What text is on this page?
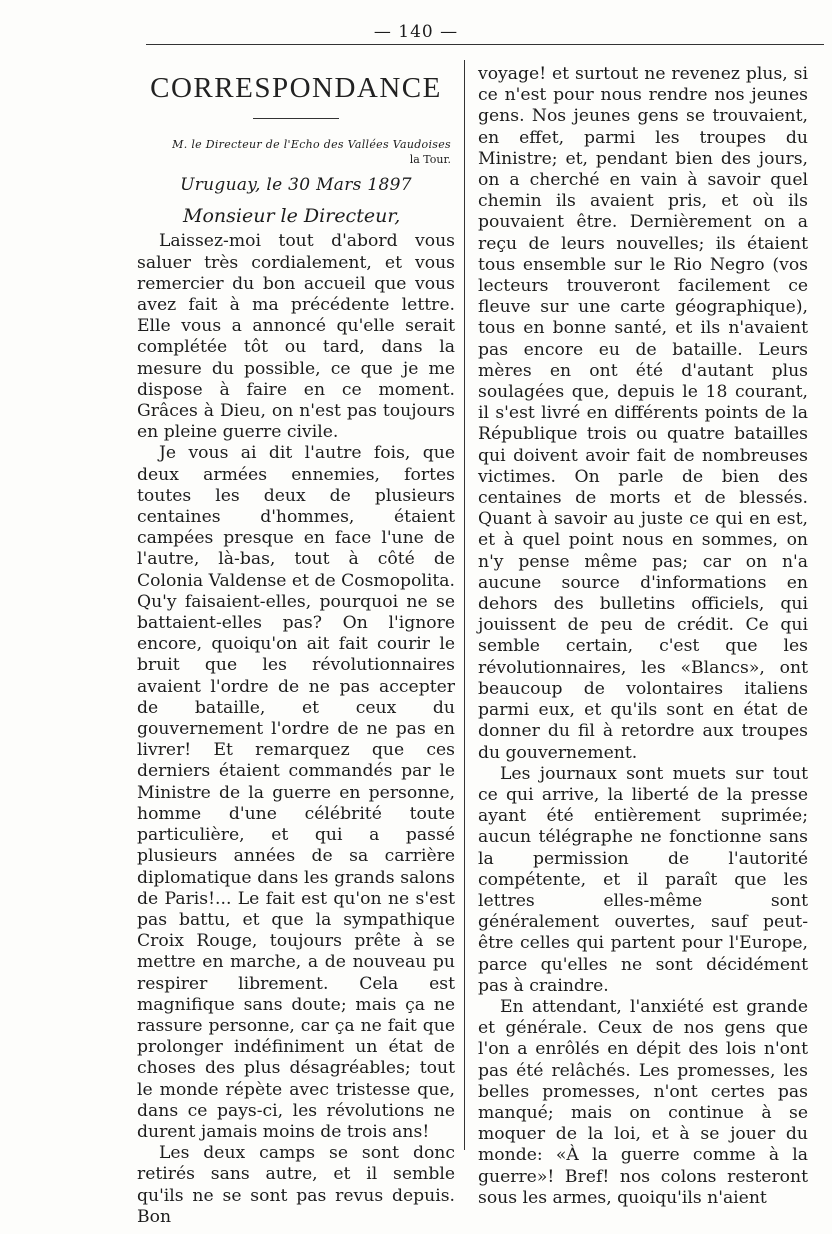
— 140 —
CORRESPONDANCE
M. le Directeur de l'Echo des Vallées Vaudoises
la Tour.
Uruguay, le 30 Mars 1897
Monsieur le Directeur,

Laissez-moi tout d'abord vous saluer très cordialement, et vous remercier du bon accueil que vous avez fait à ma précédente lettre. Elle vous a annoncé qu'elle serait complétée tôt ou tard, dans la mesure du possible, ce que je me dispose à faire en ce moment. Grâces à Dieu, on n'est pas toujours en pleine guerre civile.

Je vous ai dit l'autre fois, que deux armées ennemies, fortes toutes les deux de plusieurs centaines d'hommes, étaient campées presque en face l'une de l'autre, là-bas, tout à côté de Colonia Valdense et de Cosmopolita. Qu'y faisaient-elles, pourquoi ne se battaient-elles pas? On l'ignore encore, quoiqu'on ait fait courir le bruit que les révolutionnaires avaient l'ordre de ne pas accepter de bataille, et ceux du gouvernement l'ordre de ne pas en livrer! Et remarquez que ces derniers étaient commandés par le Ministre de la guerre en personne, homme d'une célébrité toute particulière, et qui a passé plusieurs années de sa carrière diplomatique dans les grands salons de Paris!... Le fait est qu'on ne s'est pas battu, et que la sympathique Croix Rouge, toujours prête à se mettre en marche, a de nouveau pu respirer librement. Cela est magnifique sans doute; mais ça ne rassure personne, car ça ne fait que prolonger indéfiniment un état de choses des plus désagréables; tout le monde répète avec tristesse que, dans ce pays-ci, les révolutions ne durent jamais moins de trois ans!

Les deux camps se sont donc retirés sans autre, et il semble qu'ils ne se sont pas revus depuis. Bon

voyage! et surtout ne revenez plus, si ce n'est pour nous rendre nos jeunes gens. Nos jeunes gens se trouvaient, en effet, parmi les troupes du Ministre; et, pendant bien des jours, on a cherché en vain à savoir quel chemin ils avaient pris, et où ils pouvaient être. Dernièrement on a reçu de leurs nouvelles; ils étaient tous ensemble sur le Rio Negro (vos lecteurs trouveront facilement ce fleuve sur une carte géographique), tous en bonne santé, et ils n'avaient pas encore eu de bataille. Leurs mères en ont été d'autant plus soulagées que, depuis le 18 courant, il s'est livré en différents points de la République trois ou quatre batailles qui doivent avoir fait de nombreuses victimes. On parle de bien des centaines de morts et de blessés. Quant à savoir au juste ce qui en est, et à quel point nous en sommes, on n'y pense même pas; car on n'a aucune source d'informations en dehors des bulletins officiels, qui jouissent de peu de crédit. Ce qui semble certain, c'est que les révolutionnaires, les «Blancs», ont beaucoup de volontaires italiens parmi eux, et qu'ils sont en état de donner du fil à retordre aux troupes du gouvernement.

Les journaux sont muets sur tout ce qui arrive, la liberté de la presse ayant été entièrement suprimée; aucun télégraphe ne fonctionne sans la permission de l'autorité compétente, et il paraît que les lettres elles-même sont généralement ouvertes, sauf peut-être celles qui partent pour l'Europe, parce qu'elles ne sont décidément pas à craindre.

En attendant, l'anxiété est grande et générale. Ceux de nos gens que l'on a enrôlés en dépit des lois n'ont pas été relâchés. Les promesses, les belles promesses, n'ont certes pas manqué; mais on continue à se moquer de la loi, et à se jouer du monde: «À la guerre comme à la guerre»! Bref! nos colons resteront sous les armes, quoiqu'ils n'aient
